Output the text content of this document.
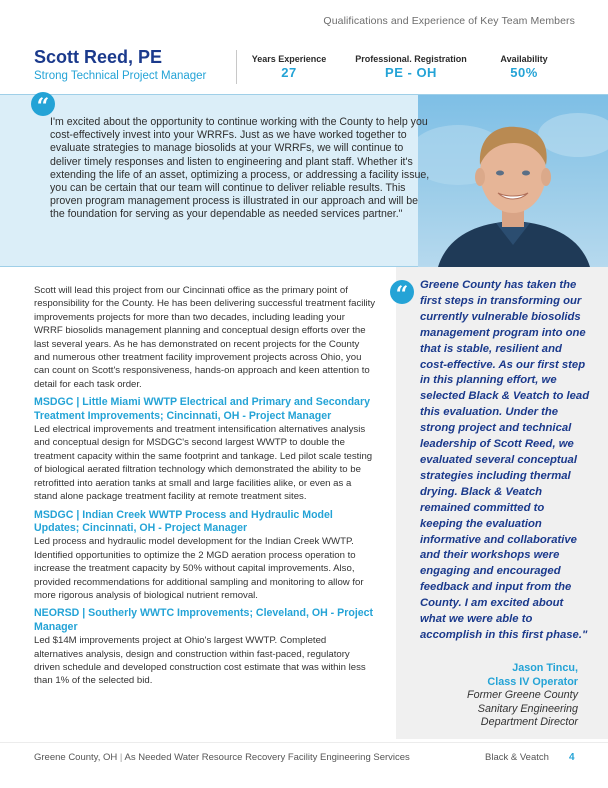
Qualifications and Experience of Key Team Members
Scott Reed, PE
Strong Technical Project Manager
Years Experience
27
Professional. Registration
PE - OH
Availability
50%
“
I'm excited about the opportunity to continue working with the County to help you cost-effectively invest into your WRRFs. Just as we have worked together to evaluate strategies to manage biosolids at your WRRFs, we will continue to deliver timely responses and listen to engineering and plant staff. Whether it's extending the life of an asset, optimizing a process, or addressing a facility issue, you can be certain that our team will continue to deliver reliable results. This proven program management process is illustrated in our approach and will be the foundation for serving as your dependable as needed services partner."

Scott will lead this project from our Cincinnati office as the primary point of responsibility for the County. He has been delivering successful treatment facility improvements projects for more than two decades, including leading your WRRF biosolids management planning and conceptual design efforts over the last several years. As he has demonstrated on recent projects for the County and numerous other treatment facility improvement projects across Ohio, you can count on Scott's responsiveness, hands-on approach and keen attention to detail for each task order.

MSDGC | Little Miami WWTP Electrical and Primary and Secondary Treatment Improvements; Cincinnati, OH - Project Manager

Led electrical improvements and treatment intensification alternatives analysis and conceptual design for MSDGC's second largest WWTP to double the treatment capacity within the same footprint and tankage. Led pilot scale testing of biological aerated filtration technology which demonstrated the ability to be retrofitted into aeration tanks at small and large facilities alike, or even as a stand alone package treatment facility at remote treatment sites.

MSDGC | Indian Creek WWTP Process and Hydraulic Model Updates; Cincinnati, OH - Project Manager

Led process and hydraulic model development for the Indian Creek WWTP. Identified opportunities to optimize the 2 MGD aeration process operation to increase the treatment capacity by 50% without capital improvements. Also, provided recommendations for additional sampling and monitoring to allow for more rigorous analysis of biological nutrient removal.

NEORSD | Southerly WWTC Improvements; Cleveland, OH - Project Manager

Led $14M improvements project at Ohio's largest WWTP. Completed alternatives analysis, design and construction within fast-paced, regulatory driven schedule and developed construction cost estimate that was within less than 1% of the selected bid.

“	Greene County has taken the first steps in transforming our currently vulnerable biosolids management program into one that is stable, resilient and cost-effective. As our first step in this planning effort, we selected Black & Veatch to lead this evaluation. Under the strong project and technical leadership of Scott Reed, we evaluated several conceptual strategies including thermal drying. Black & Veatch remained committed to keeping the evaluation informative and collaborative and their workshops were engaging and encouraged feedback and input from the County. I am excited about what we were able to accomplish in this first phase."
Jason Tincu,
Class IV Operator
Former Greene County
Sanitary Engineering
Department Director
Greene County, OH | As Needed Water Resource Recovery Facility Engineering Services	Black & Veatch 4
